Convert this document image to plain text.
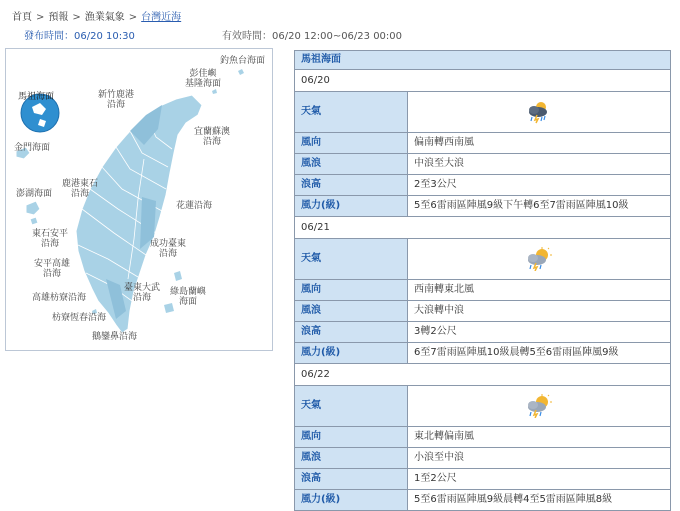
首頁 > 預報 > 漁業氣象 > 台灣近海
發布時間：06/20 10:30	有效時間：06/20 12:00~06/23 00:00
馬祖海面
釣魚台海面
彭佳嶼
基隆海面
新竹鹿港
沿海
宜蘭蘇澳
沿海
金門海面
鹿港東石
沿海
澎湖海面
花蓮沿海
東石安平
沿海	成功臺東
沿海
安平高雄
沿海
臺東大武
沿海
綠島蘭嶼
海面
高雄枋寮沿海
枋寮恆春沿海
鵝鑾鼻沿海
馬祖海面
06/20
天氣
風向	偏南轉西南風
風浪	中浪至大浪
浪高	2至3公尺
風力(級)	5至6雷雨區陣風9級下午轉6至7雷雨區陣風10級
06/21
天氣
風向	西南轉東北風
風浪	大浪轉中浪
浪高	3轉2公尺
風力(級)	6至7雷雨區陣風10級晨轉5至6雷雨區陣風9級
06/22
天氣
風向	東北轉偏南風
風浪	小浪至中浪
浪高	1至2公尺
風力(級)	5至6雷雨區陣風9級晨轉4至5雷雨區陣風8級
